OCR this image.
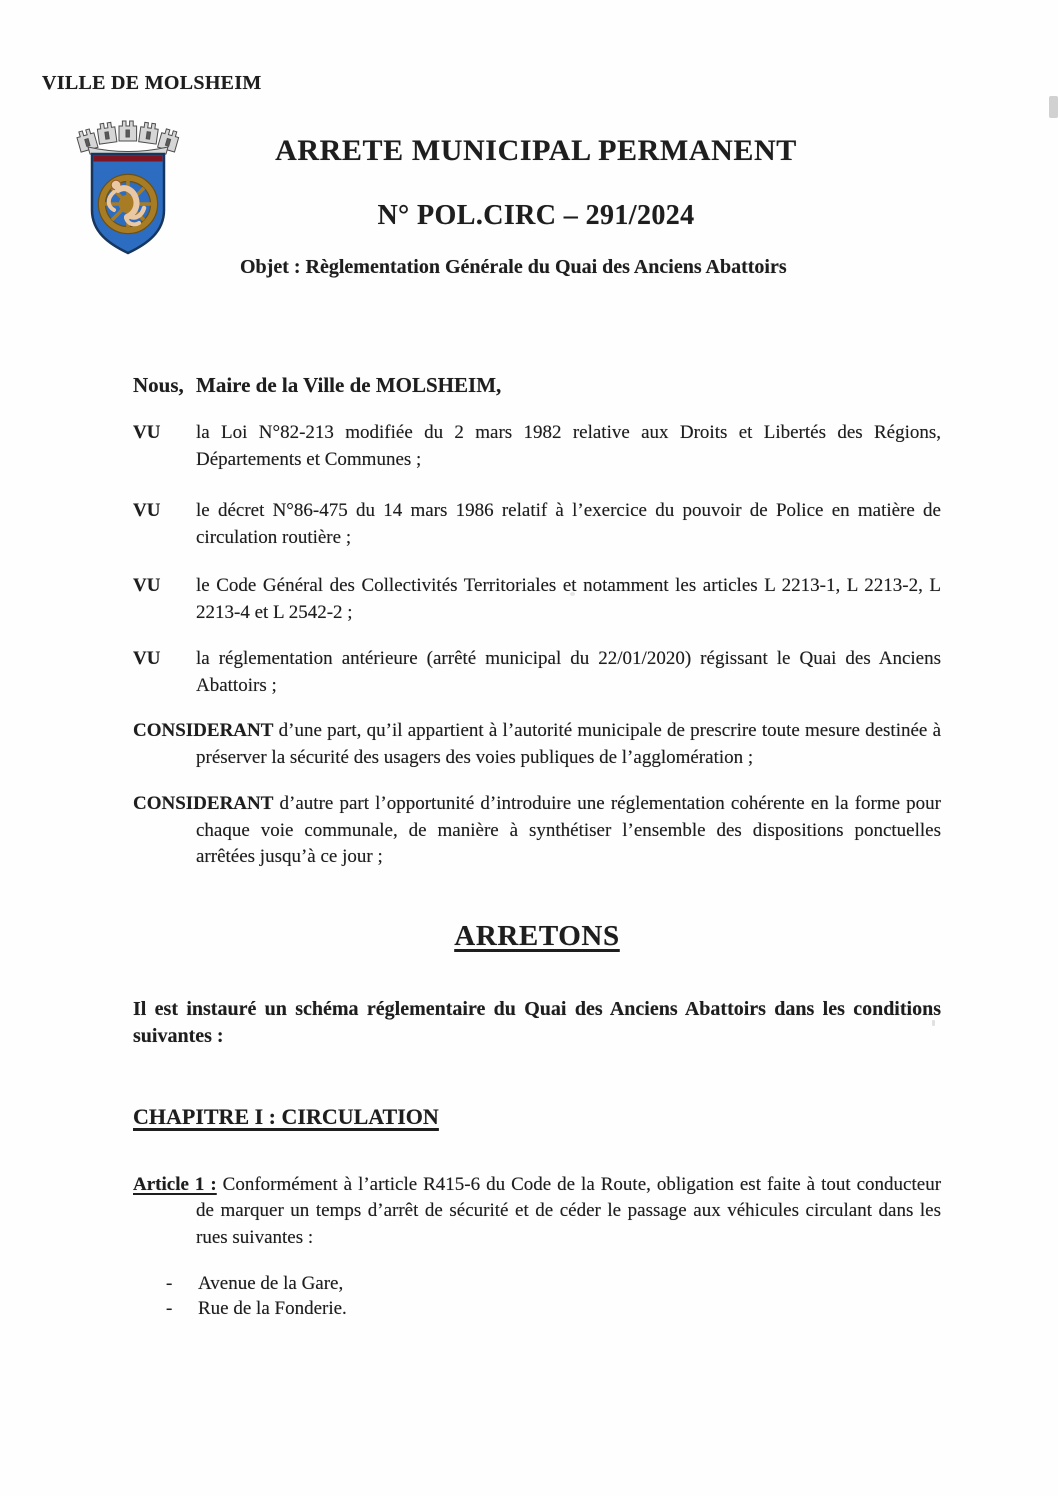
VILLE DE MOLSHEIM
ARRETE MUNICIPAL PERMANENT
N° POL.CIRC – 291/2024
Objet : Règlementation Générale du Quai des Anciens Abattoirs

Nous, Maire de la Ville de MOLSHEIM,

VU la Loi N°82-213 modifiée du 2 mars 1982 relative aux Droits et Libertés des Régions, Départements et Communes ;

VU le décret N°86-475 du 14 mars 1986 relatif à l’exercice du pouvoir de Police en matière de circulation routière ;

VU le Code Général des Collectivités Territoriales et notamment les articles L 2213-1, L 2213-2, L 2213-4 et L 2542-2 ;

VU la réglementation antérieure (arrêté municipal du 22/01/2020) régissant le Quai des Anciens Abattoirs ;

CONSIDERANT d’une part, qu’il appartient à l’autorité municipale de prescrire toute mesure destinée à préserver la sécurité des usagers des voies publiques de l’agglomération ;

CONSIDERANT d’autre part l’opportunité d’introduire une réglementation cohérente en la forme pour chaque voie communale, de manière à synthétiser l’ensemble des dispositions ponctuelles arrêtées jusqu’à ce jour ;

ARRETONS

Il est instauré un schéma réglementaire du Quai des Anciens Abattoirs dans les conditions suivantes :

CHAPITRE I : CIRCULATION

Article 1 : Conformément à l’article R415-6 du Code de la Route, obligation est faite à tout conducteur de marquer un temps d’arrêt de sécurité et de céder le passage aux véhicules circulant dans les rues suivantes :

- Avenue de la Gare,
- Rue de la Fonderie.
